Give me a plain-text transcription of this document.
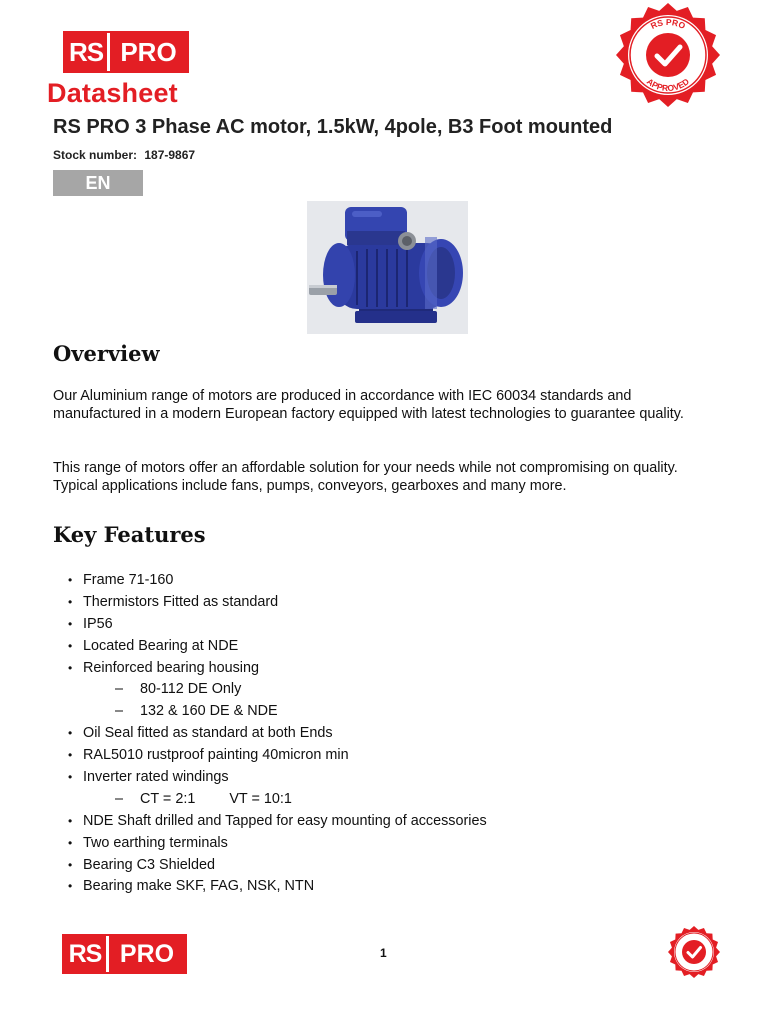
RS PRO
Datasheet
RS PRO
APPROVED
RS PRO 3 Phase AC motor, 1.5kW, 4pole, B3 Foot mounted
Stock number: 187-9867
EN
Overview
Our Aluminium range of motors are produced in accordance with IEC 60034 standards and manufactured in a modern European factory equipped with latest technologies to guarantee quality.
This range of motors offer an affordable solution for your needs while not compromising on quality. Typical applications include fans, pumps, conveyors, gearboxes and many more.
Key Features
• Frame 71-160
• Thermistors Fitted as standard
• IP56
• Located Bearing at NDE
• Reinforced bearing housing
– 80-112 DE Only
– 132 & 160 DE & NDE
• Oil Seal fitted as standard at both Ends
• RAL5010 rustproof painting 40micron min
• Inverter rated windings
– CT = 2:1 VT = 10:1
• NDE Shaft drilled and Tapped for easy mounting of accessories
• Two earthing terminals
• Bearing C3 Shielded
• Bearing make SKF, FAG, NSK, NTN
1
RS PRO
